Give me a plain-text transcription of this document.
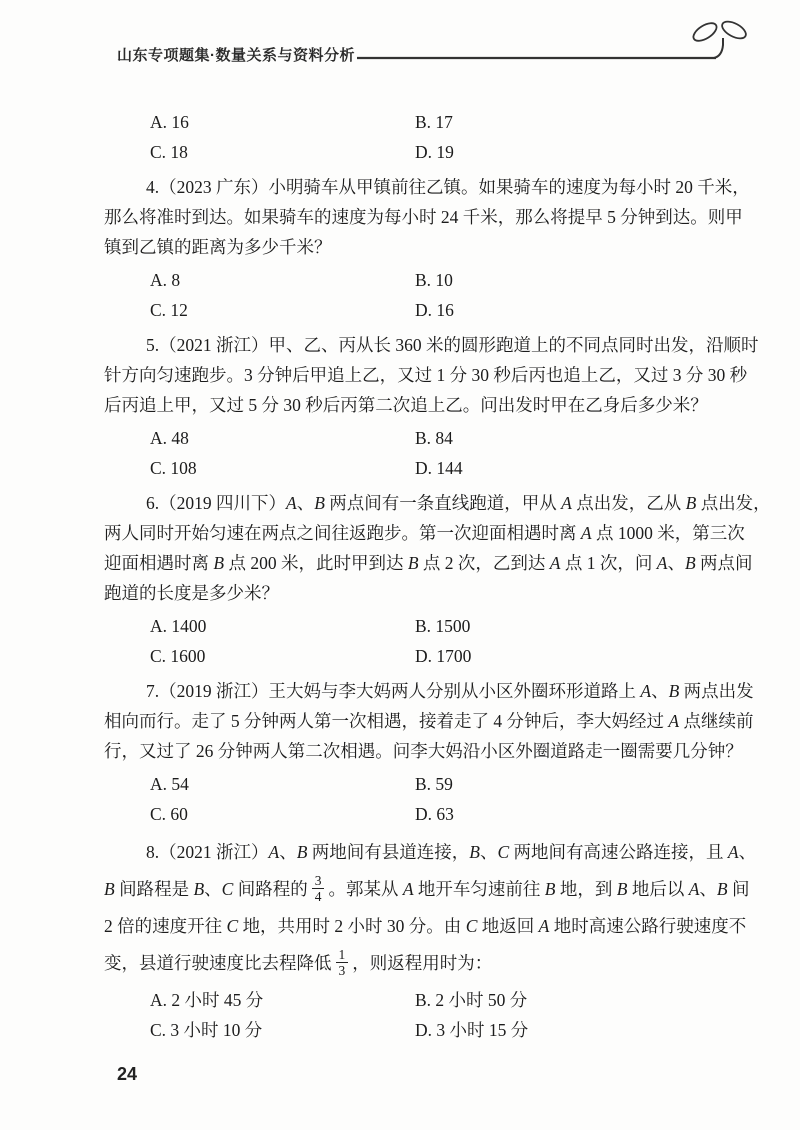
山东专项题集·数量关系与资料分析
A. 16	B. 17
C. 18	D. 19

4.（2023 广东）小明骑车从甲镇前往乙镇。如果骑车的速度为每小时 20 千米，

那么将准时到达。如果骑车的速度为每小时 24 千米，那么将提早 5 分钟到达。则甲

镇到乙镇的距离为多少千米？

A. 8	B. 10
C. 12	D. 16

5.（2021 浙江）甲、乙、丙从长 360 米的圆形跑道上的不同点同时出发，沿顺时

针方向匀速跑步。3 分钟后甲追上乙，又过 1 分 30 秒后丙也追上乙，又过 3 分 30 秒

后丙追上甲，又过 5 分 30 秒后丙第二次追上乙。问出发时甲在乙身后多少米？

A. 48	B. 84
C. 108	D. 144

6.（2019 四川下）A、B 两点间有一条直线跑道，甲从 A 点出发，乙从 B 点出发，

两人同时开始匀速在两点之间往返跑步。第一次迎面相遇时离 A 点 1000 米，第三次

迎面相遇时离 B 点 200 米，此时甲到达 B 点 2 次，乙到达 A 点 1 次，问 A、B 两点间

跑道的长度是多少米？

A. 1400	B. 1500
C. 1600	D. 1700

7.（2019 浙江）王大妈与李大妈两人分别从小区外圈环形道路上 A、B 两点出发

相向而行。走了 5 分钟两人第一次相遇，接着走了 4 分钟后，李大妈经过 A 点继续前

行，又过了 26 分钟两人第二次相遇。问李大妈沿小区外圈道路走一圈需要几分钟？

A. 54	B. 59
C. 60	D. 63

8.（2021 浙江）A、B 两地间有县道连接，B、C 两地间有高速公路连接，且 A、

B 间路程是 B、C 间路程的 $\frac{3}{4}$ 。郭某从 A 地开车匀速前往 B 地，到 B 地后以 A、B 间

2 倍的速度开往 C 地，共用时 2 小时 30 分。由 C 地返回 A 地时高速公路行驶速度不

变，县道行驶速度比去程降低 $\frac{1}{3}$ ，则返程用时为：

A. 2 小时 45 分	B. 2 小时 50 分
C. 3 小时 10 分	D. 3 小时 15 分
24
